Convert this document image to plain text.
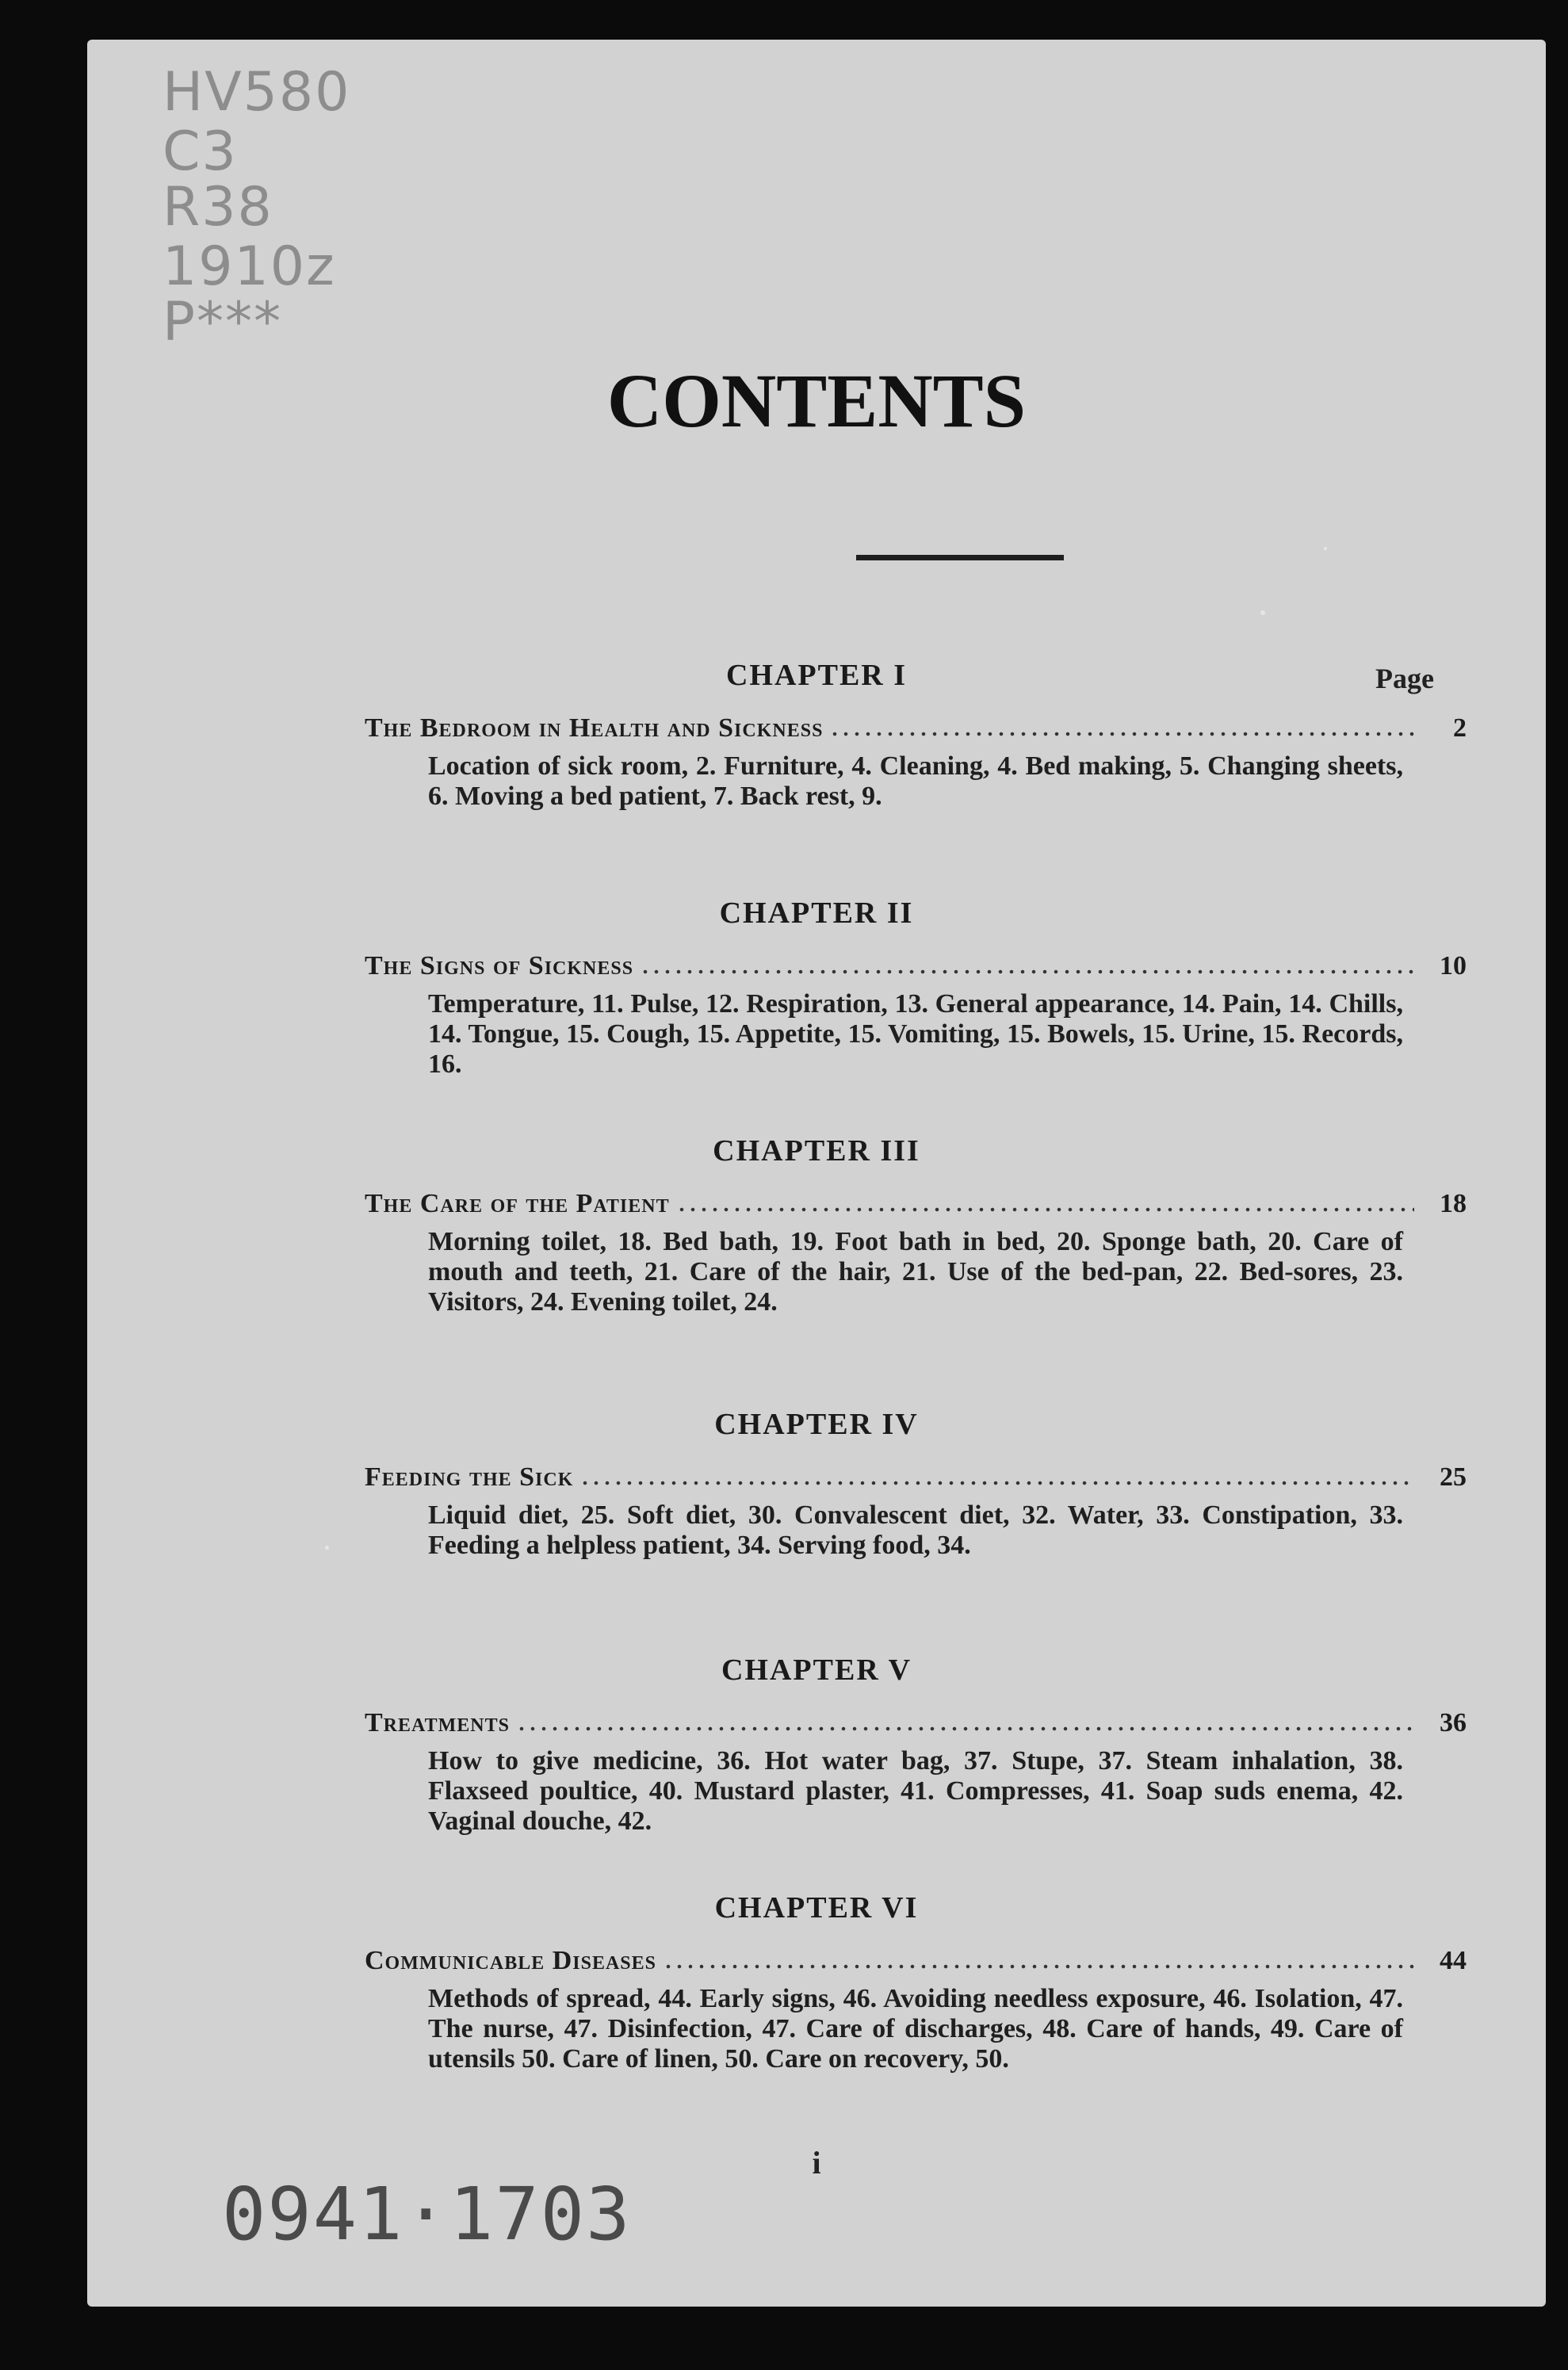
HV580
C3
R38
1910z
P***
CONTENTS
Page
CHAPTER I
The Bedroom in Health and Sickness	2

Location of sick room, 2. Furniture, 4. Cleaning, 4. Bed making, 5. Changing sheets, 6. Moving a bed patient, 7. Back rest, 9.

CHAPTER II
The Signs of Sickness	10

Temperature, 11. Pulse, 12. Respiration, 13. General appearance, 14. Pain, 14. Chills, 14. Tongue, 15. Cough, 15. Appetite, 15. Vomiting, 15. Bowels, 15. Urine, 15. Records, 16.

CHAPTER III
The Care of the Patient	18

Morning toilet, 18. Bed bath, 19. Foot bath in bed, 20. Sponge bath, 20. Care of mouth and teeth, 21. Care of the hair, 21. Use of the bed-pan, 22. Bed-sores, 23. Visitors, 24. Evening toilet, 24.

CHAPTER IV
Feeding the Sick	25

Liquid diet, 25. Soft diet, 30. Convalescent diet, 32. Water, 33. Constipation, 33. Feeding a helpless patient, 34. Serving food, 34.

CHAPTER V
Treatments	36

How to give medicine, 36. Hot water bag, 37. Stupe, 37. Steam inhalation, 38. Flaxseed poultice, 40. Mustard plaster, 41. Compresses, 41. Soap suds enema, 42. Vaginal douche, 42.

CHAPTER VI
Communicable Diseases	44

Methods of spread, 44. Early signs, 46. Avoiding needless exposure, 46. Isolation, 47. The nurse, 47. Disinfection, 47. Care of discharges, 48. Care of hands, 49. Care of utensils 50. Care of linen, 50. Care on recovery, 50.

i
0941·1703
